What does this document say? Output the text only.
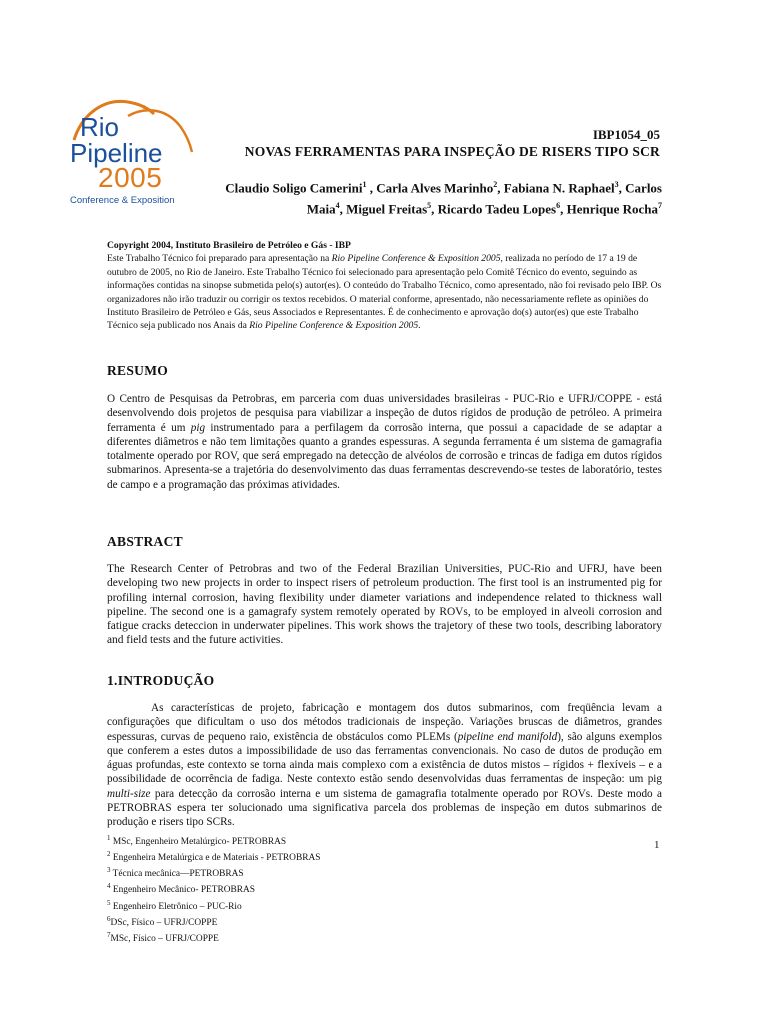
Rio
Pipeline
2005
Conference & Exposition
IBP1054_05
NOVAS FERRAMENTAS PARA INSPEÇÃO DE RISERS TIPO SCR
Claudio Soligo Camerini$^1$ , Carla Alves Marinho$^2$, Fabiana N. Raphael$^3$, Carlos Maia$^4$, Miguel Freitas$^5$, Ricardo Tadeu Lopes$^6$, Henrique Rocha$^7$
Copyright 2004, Instituto Brasileiro de Petróleo e Gás - IBP
Este Trabalho Técnico foi preparado para apresentação na Rio Pipeline Conference & Exposition 2005, realizada no período de 17 a 19 de outubro de 2005, no Rio de Janeiro. Este Trabalho Técnico foi selecionado para apresentação pelo Comitê Técnico do evento, seguindo as informações contidas na sinopse submetida pelo(s) autor(es). O conteúdo do Trabalho Técnico, como apresentado, não foi revisado pelo IBP. Os organizadores não irão traduzir ou corrigir os textos recebidos. O material conforme, apresentado, não necessariamente reflete as opiniões do Instituto Brasileiro de Petróleo e Gás, seus Associados e Representantes. É de conhecimento e aprovação do(s) autor(es) que este Trabalho Técnico seja publicado nos Anais da Rio Pipeline Conference & Exposition 2005.
RESUMO
O Centro de Pesquisas da Petrobras, em parceria com duas universidades brasileiras - PUC-Rio e UFRJ/COPPE - está desenvolvendo dois projetos de pesquisa para viabilizar a inspeção de dutos rígidos de produção de petróleo. A primeira ferramenta é um pig instrumentado para a perfilagem da corrosão interna, que possui a capacidade de se adaptar a diferentes diâmetros e não tem limitações quanto a grandes espessuras. A segunda ferramenta é um sistema de gamagrafia totalmente operado por ROV, que será empregado na detecção de alvéolos de corrosão e trincas de fadiga em dutos rígidos submarinos. Apresenta-se a trajetória do desenvolvimento das duas ferramentas descrevendo-se testes de laboratório, testes de campo e a programação das próximas atividades.
ABSTRACT
The Research Center of Petrobras and two of the Federal Brazilian Universities, PUC-Rio and UFRJ, have been developing two new projects in order to inspect risers of petroleum production. The first tool is an instrumented pig for profiling internal corrosion, having flexibility under diameter variations and independence related to thickness wall pipeline. The second one is a gamagrafy system remotely operated by ROVs, to be employed in alveoli corrosion and fatigue cracks deteccion in underwater pipelines. This work shows the trajetory of these two tools, describing laboratory and field tests and the future activities.
1.INTRODUÇÃO
As características de projeto, fabricação e montagem dos dutos submarinos, com freqüência levam a configurações que dificultam o uso dos métodos tradicionais de inspeção. Variações bruscas de diâmetros, grandes espessuras, curvas de pequeno raio, existência de obstáculos como PLEMs (pipeline end manifold), são alguns exemplos que conferem a estes dutos a impossibilidade de uso das ferramentas convencionais. No caso de dutos de produção em águas profundas, este contexto se torna ainda mais complexo com a existência de dutos mistos – rígidos + flexíveis – e a possibilidade de ocorrência de fadiga. Neste contexto estão sendo desenvolvidas duas ferramentas de inspeção: um pig multi-size para detecção da corrosão interna e um sistema de gamagrafia totalmente operado por ROVs. Deste modo a PETROBRAS espera ter solucionado uma significativa parcela dos problemas de inspeção em dutos submarinos de produção e risers tipo SCRs.
1
$^1$ MSc, Engenheiro Metalúrgico- PETROBRAS
$^2$ Engenheira Metalúrgica e de Materiais - PETROBRAS
$^3$ Técnica mecânica—PETROBRAS
$^4$ Engenheiro Mecânico- PETROBRAS
$^5$ Engenheiro Eletrônico – PUC-Rio
$^6$DSc, Físico – UFRJ/COPPE
$^7$MSc, Físico – UFRJ/COPPE
